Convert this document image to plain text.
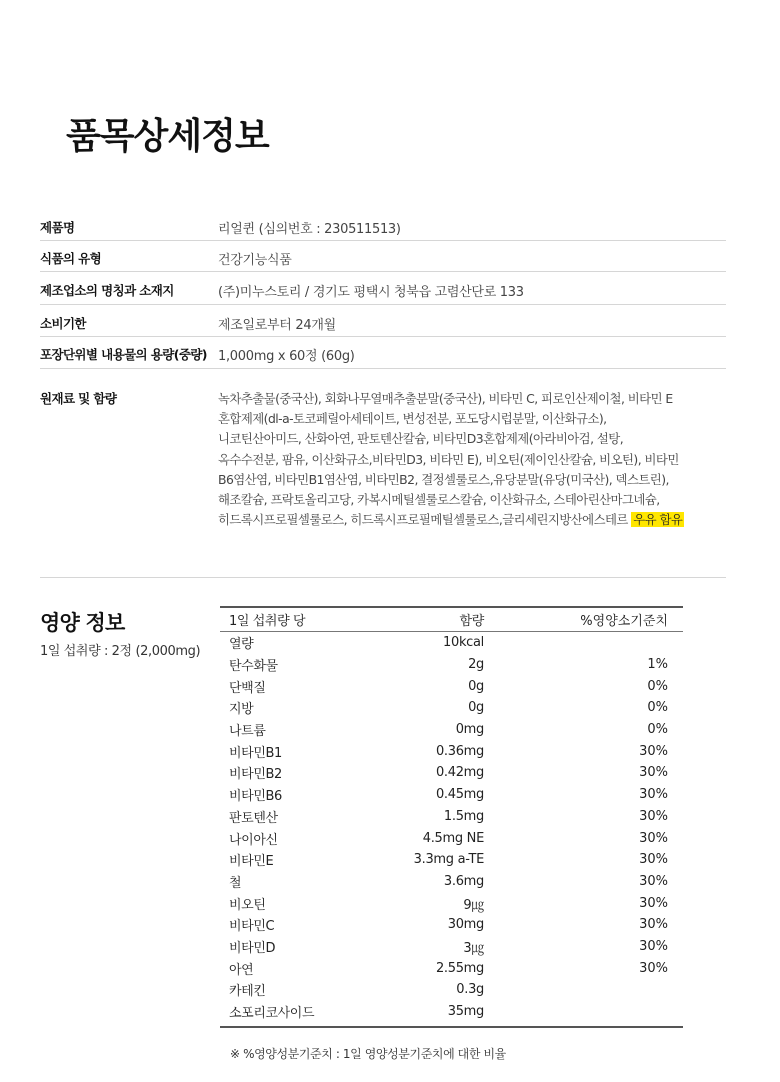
품목상세정보
제품명	리얼퀸 (심의번호 : 230511513)
식품의 유형	건강기능식품
제조업소의 명칭과 소재지	(주)미누스토리 / 경기도 평택시 청북읍 고렴산단로 133
소비기한	제조일로부터 24개월
포장단위별 내용물의 용량(중량) 1,000mg x 60정 (60g)
원재료 및 함량	녹차추출물(중국산), 회화나무열매추출분말(중국산), 비타민 C, 피로인산제이철, 비타민 E
혼합제제(dl-a-토코페릴아세테이트, 변성전분, 포도당시럽분말, 이산화규소),
니코틴산아미드, 산화아연, 판토텐산칼슘, 비타민D3혼합제제(아라비아검, 설탕,
옥수수전분, 팜유, 이산화규소,비타민D3, 비타민 E), 비오틴(제이인산칼슘, 비오틴), 비타민
B6염산염, 비타민B1염산염, 비타민B2, 결정셀룰로스,유당분말(유당(미국산), 덱스트린),
해조칼슘, 프락토올리고당, 카복시메틸셀룰로스칼슘, 이산화규소, 스테아린산마그네슘,
히드록시프로필셀룰로스, 히드록시프로필메틸셀룰로스,글리세린지방산에스테르 우유 함유
영양 정보
1일 섭취량 : 2정 (2,000mg)
1일 섭취량 당	함량	%영양소기준치
열량	10kcal
탄수화물	2g	1%
단백질	0g	0%
지방	0g	0%
나트륨	0mg	0%
비타민B1	0.36mg	30%
비타민B2	0.42mg	30%
비타민B6	0.45mg	30%
판토텐산	1.5mg	30%
나이아신	4.5mg NE	30%
비타민E	3.3mg a-TE	30%
철	3.6mg	30%
비오틴	9㎍	30%
비타민C	30mg	30%
비타민D	3㎍	30%
아연	2.55mg	30%
카테킨	0.3g
소포리코사이드	35mg
※ %영양성분기준치 : 1일 영양성분기준치에 대한 비율
